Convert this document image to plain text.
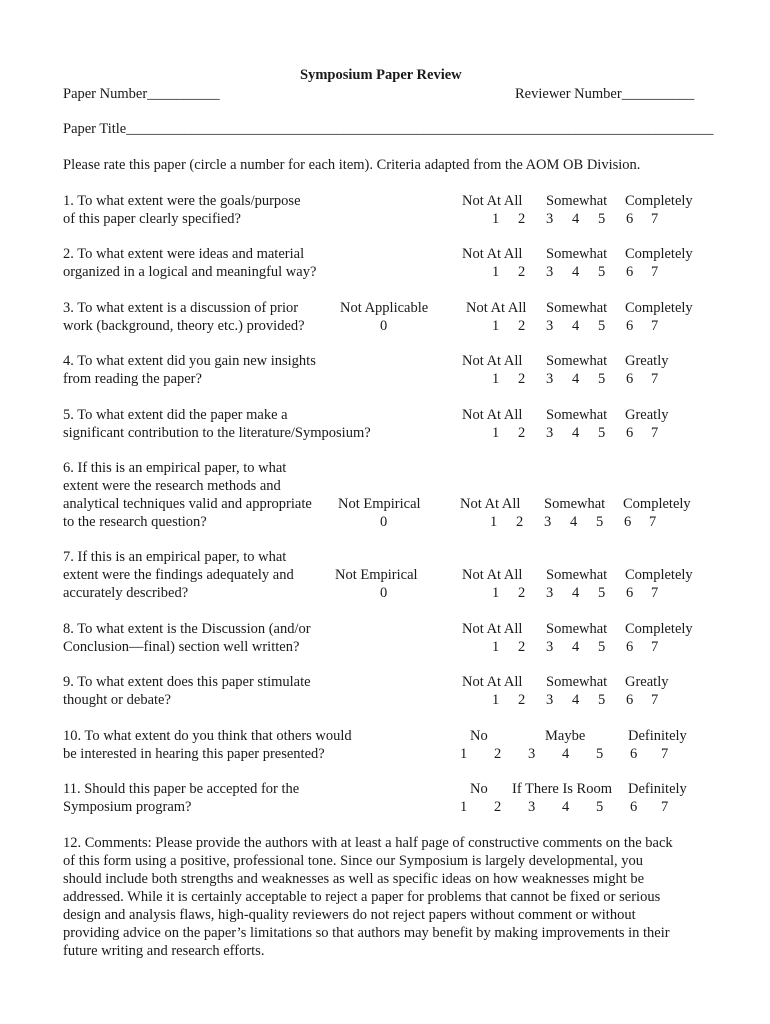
Symposium Paper Review
Paper Number__________	Reviewer Number__________
Paper Title_________________________________________________________________________________
Please rate this paper (circle a number for each item). Criteria adapted from the AOM OB Division.
1. To what extent were the goals/purpose
of this paper clearly specified?
Not At All Somewhat Completely
1 2 3 4 5 6 7
2. To what extent were ideas and material
organized in a logical and meaningful way?
Not At All Somewhat Completely
1 2 3 4 5 6 7
3. To what extent is a discussion of prior
work (background, theory etc.) provided?
Not At All Somewhat Completely
1 2 3 4 5 6 7
Not Applicable
0
4. To what extent did you gain new insights
from reading the paper?
Not At All Somewhat Greatly
1 2 3 4 5 6 7
5. To what extent did the paper make a
significant contribution to the literature/Symposium?
Not At All Somewhat Greatly
1 2 3 4 5 6 7
6. If this is an empirical paper, to what
extent were the research methods and
analytical techniques valid and appropriate
to the research question?
Not At All Somewhat Completely
1 2 3 4 5 6 7
Not Empirical
0
7. If this is an empirical paper, to what
extent were the findings adequately and
accurately described?
Not At All Somewhat Completely
1 2 3 4 5 6 7
Not Empirical
0
8. To what extent is the Discussion (and/or
Conclusion—final) section well written?
Not At All Somewhat Completely
1 2 3 4 5 6 7
9. To what extent does this paper stimulate
thought or debate?
Not At All Somewhat Greatly
1 2 3 4 5 6 7
10. To what extent do you think that others would
be interested in hearing this paper presented?
No	Maybe	Definitely
1 2 3 4 5 6 7
11. Should this paper be accepted for the
Symposium program?
No If There Is Room Definitely
1 2 3 4 5 6 7
12. Comments: Please provide the authors with at least a half page of constructive comments on the back
of this form using a positive, professional tone. Since our Symposium is largely developmental, you
should include both strengths and weaknesses as well as specific ideas on how weaknesses might be
addressed. While it is certainly acceptable to reject a paper for problems that cannot be fixed or serious
design and analysis flaws, high-quality reviewers do not reject papers without comment or without
providing advice on the paper’s limitations so that authors may benefit by making improvements in their
future writing and research efforts.
